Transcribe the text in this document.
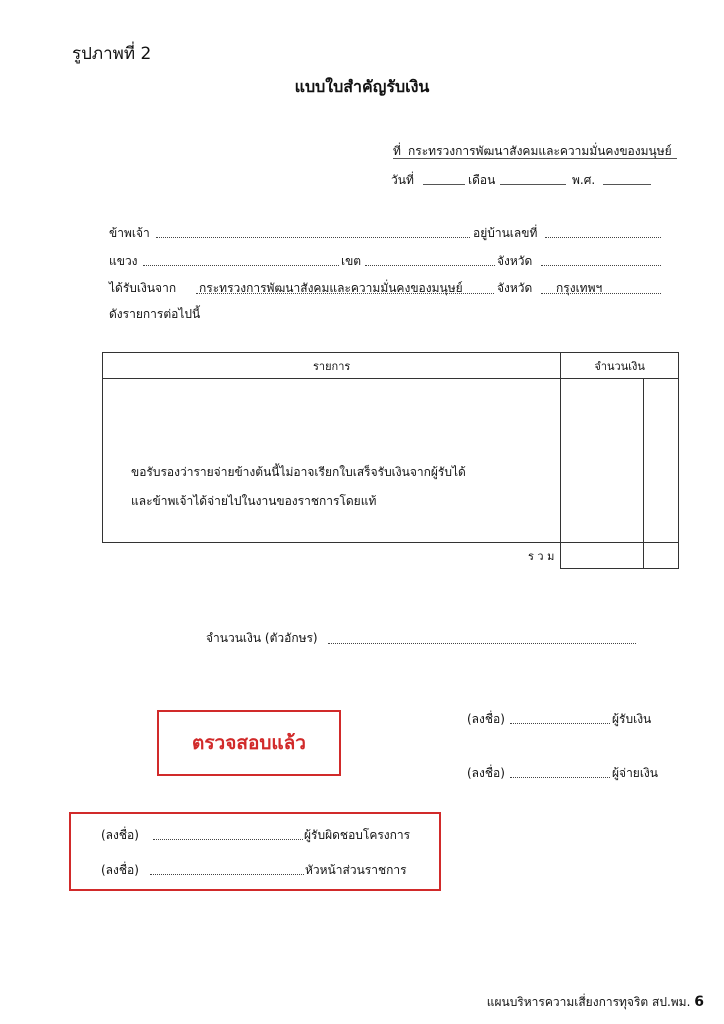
รูปภาพที่ 2
แบบใบสำคัญรับเงิน
ที่ กระทรวงการพัฒนาสังคมและความมั่นคงของมนุษย์
วันที่	เดือน	พ.ศ.
ข้าพเจ้า	อยู่บ้านเลขที่
แขวง	เขต	จังหวัด
ได้รับเงินจาก กระทรวงการพัฒนาสังคมและความมั่นคงของมนุษย์	จังหวัด กรุงเทพฯ
ดังรายการต่อไปนี้
รายการ	จำนวนเงิน	

ขอรับรองว่ารายจ่ายข้างต้นนี้ไม่อาจเรียกใบเสร็จรับเงินจากผู้รับได้
และข้าพเจ้าได้จ่ายไปในงานของราชการโดยแท้		

ร ว ม		
จำนวนเงิน (ตัวอักษร)
ตรวจสอบแล้ว
(ลงชื่อ)	ผู้รับเงิน
(ลงชื่อ)	ผู้จ่ายเงิน
(ลงชื่อ)	ผู้รับผิดชอบโครงการ
(ลงชื่อ)	หัวหน้าส่วนราชการ
แผนบริหารความเสี่ยงการทุจริต สป.พม. 6
